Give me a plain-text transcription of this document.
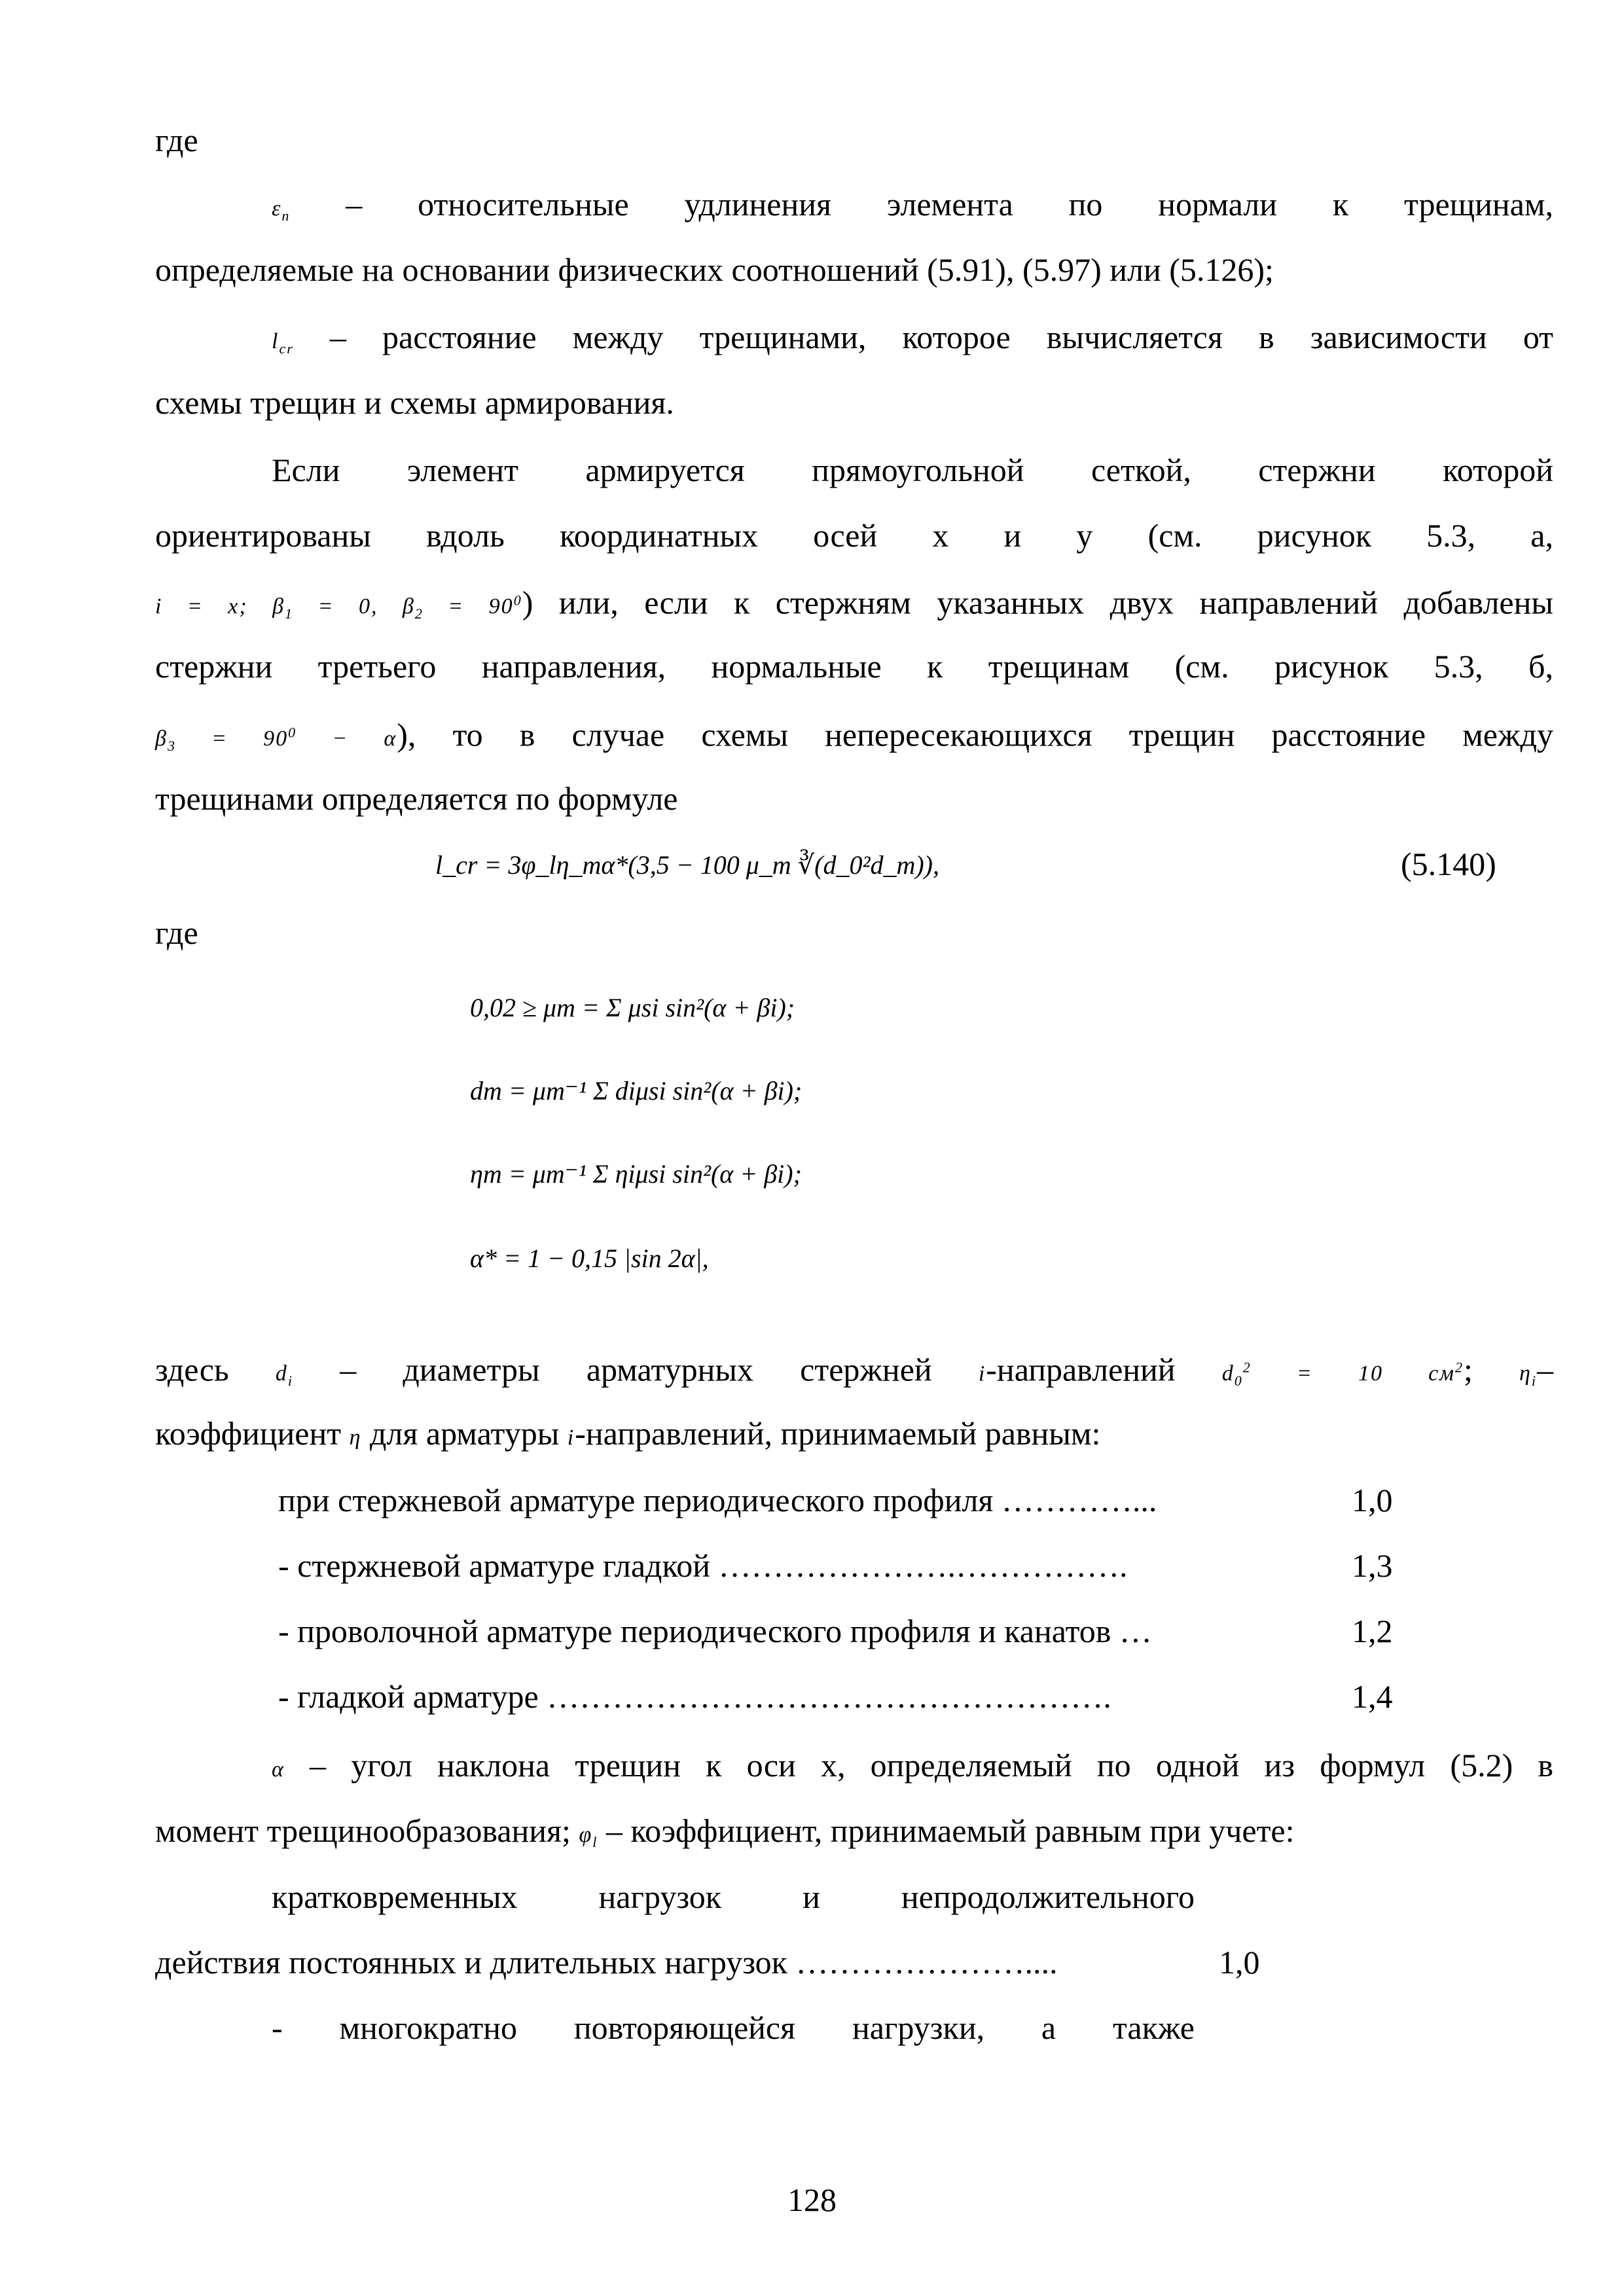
где
$\varepsilon_n$ – относительные удлинения элемента по нормали к трещинам,
определяемые на основании физических соотношений (5.91), (5.97) или (5.126);
$l_{cr}$ – расстояние между трещинами, которое вычисляется в зависимости от
схемы трещин и схемы армирования.
Если элемент армируется прямоугольной сеткой, стержни которой
ориентированы вдоль координатных осей x и y (см. рисунок 5.3, а,
i = x; $\beta_1 = 0$, $\beta_2 = 90^0$) или, если к стержням указанных двух направлений добавлены
стержни третьего направления, нормальные к трещинам (см. рисунок 5.3, б,
$\beta_3 = 90^0 - \alpha$), то в случае схемы непересекающихся трещин расстояние между
трещинами определяется по формуле
l_cr = 3φ_lη_mα*(3,5 − 100 μ_m ∛(d_0²d_m)),	(5.140)
где
0,02 ≥ μm = Σ μsi sin²(α + βi);
dm = μm⁻¹ Σ diμsi sin²(α + βi);
ηm = μm⁻¹ Σ ηiμsi sin²(α + βi);
α* = 1 − 0,15 |sin 2α|,
здесь $d_i$ – диаметры арматурных стержней i-направлений $d_0^2 = 10$ $см^2$; $\eta_i-$
коэффициент η для арматуры i-направлений, принимаемый равным:
при стержневой арматуре периодического профиля …………...	1,0
- стержневой арматуре гладкой ………………….…………….	1,3
- проволочной арматуре периодического профиля и канатов …	1,2
- гладкой арматуре …………………………………………….	1,4
α – угол наклона трещин к оси x, определяемый по одной из формул (5.2) в
момент трещинообразования; $\varphi_l$ – коэффициент, принимаемый равным при учете:
кратковременных нагрузок и непродолжительного
действия постоянных и длительных нагрузок …………………....	1,0
- многократно повторяющейся нагрузки, а также
128
